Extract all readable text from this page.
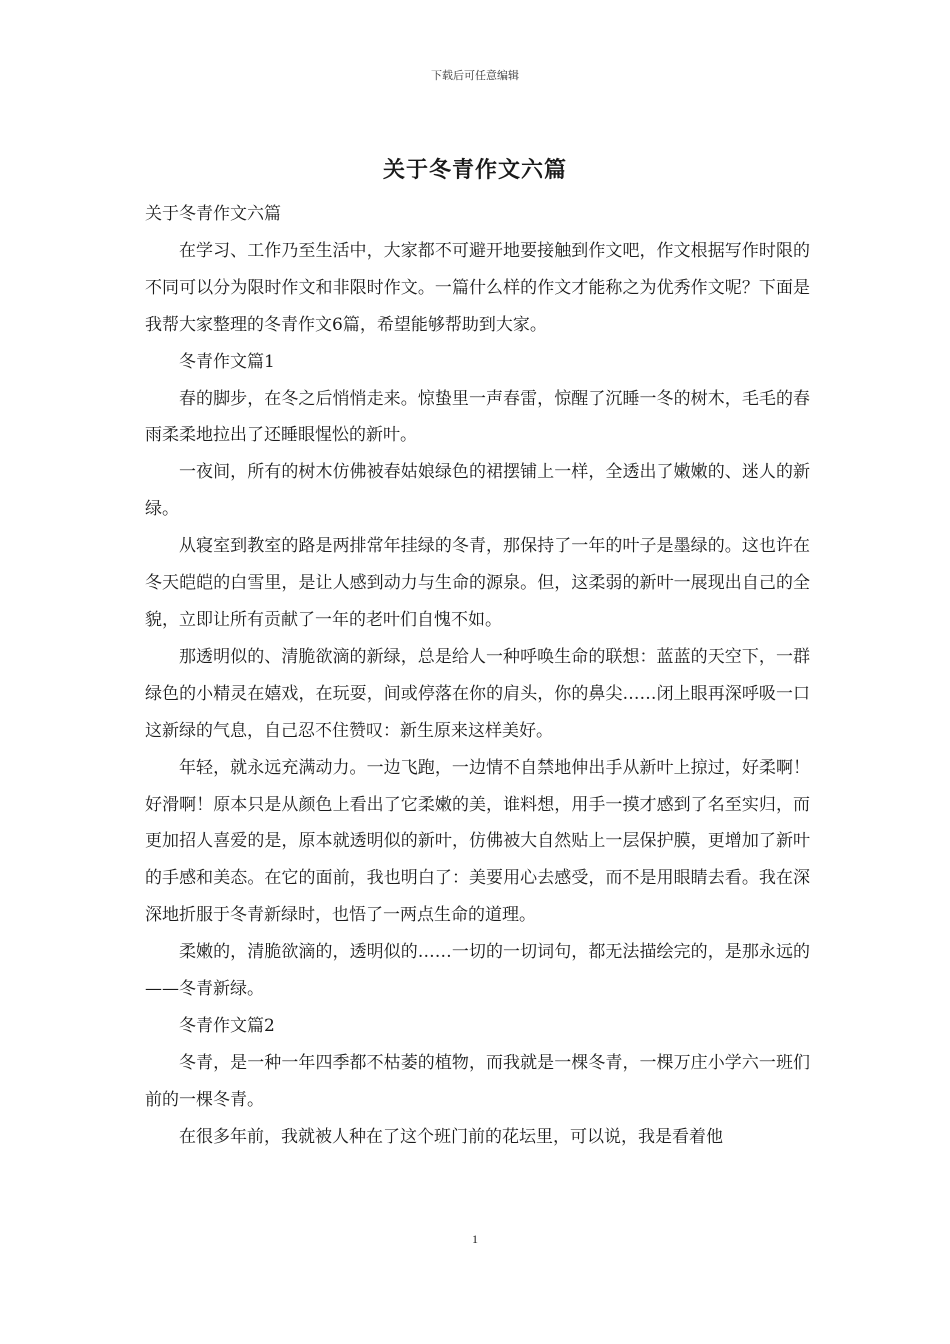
下载后可任意编辑
关于冬青作文六篇

关于冬青作文六篇

在学习、工作乃至生活中，大家都不可避开地要接触到作文吧，作文根据写作时限的不同可以分为限时作文和非限时作文。一篇什么样的作文才能称之为优秀作文呢？下面是我帮大家整理的冬青作文6篇，希望能够帮助到大家。

冬青作文篇1

春的脚步，在冬之后悄悄走来。惊蛰里一声春雷，惊醒了沉睡一冬的树木，毛毛的春雨柔柔地拉出了还睡眼惺忪的新叶。

一夜间，所有的树木仿佛被春姑娘绿色的裙摆铺上一样，全透出了嫩嫩的、迷人的新绿。

从寝室到教室的路是两排常年挂绿的冬青，那保持了一年的叶子是墨绿的。这也许在冬天皑皑的白雪里，是让人感到动力与生命的源泉。但，这柔弱的新叶一展现出自己的全貌，立即让所有贡献了一年的老叶们自愧不如。

那透明似的、清脆欲滴的新绿，总是给人一种呼唤生命的联想：蓝蓝的天空下，一群绿色的小精灵在嬉戏，在玩耍，间或停落在你的肩头，你的鼻尖……闭上眼再深呼吸一口这新绿的气息，自己忍不住赞叹：新生原来这样美好。

年轻，就永远充满动力。一边飞跑，一边情不自禁地伸出手从新叶上掠过，好柔啊！好滑啊！原本只是从颜色上看出了它柔嫩的美，谁料想，用手一摸才感到了名至实归，而更加招人喜爱的是，原本就透明似的新叶，仿佛被大自然贴上一层保护膜，更增加了新叶的手感和美态。在它的面前，我也明白了：美要用心去感受，而不是用眼睛去看。我在深深地折服于冬青新绿时，也悟了一两点生命的道理。

柔嫩的，清脆欲滴的，透明似的……一切的一切词句，都无法描绘完的，是那永远的——冬青新绿。

冬青作文篇2

冬青，是一种一年四季都不枯萎的植物，而我就是一棵冬青，一棵万庄小学六一班们前的一棵冬青。

在很多年前，我就被人种在了这个班门前的花坛里，可以说，我是看着他

1
